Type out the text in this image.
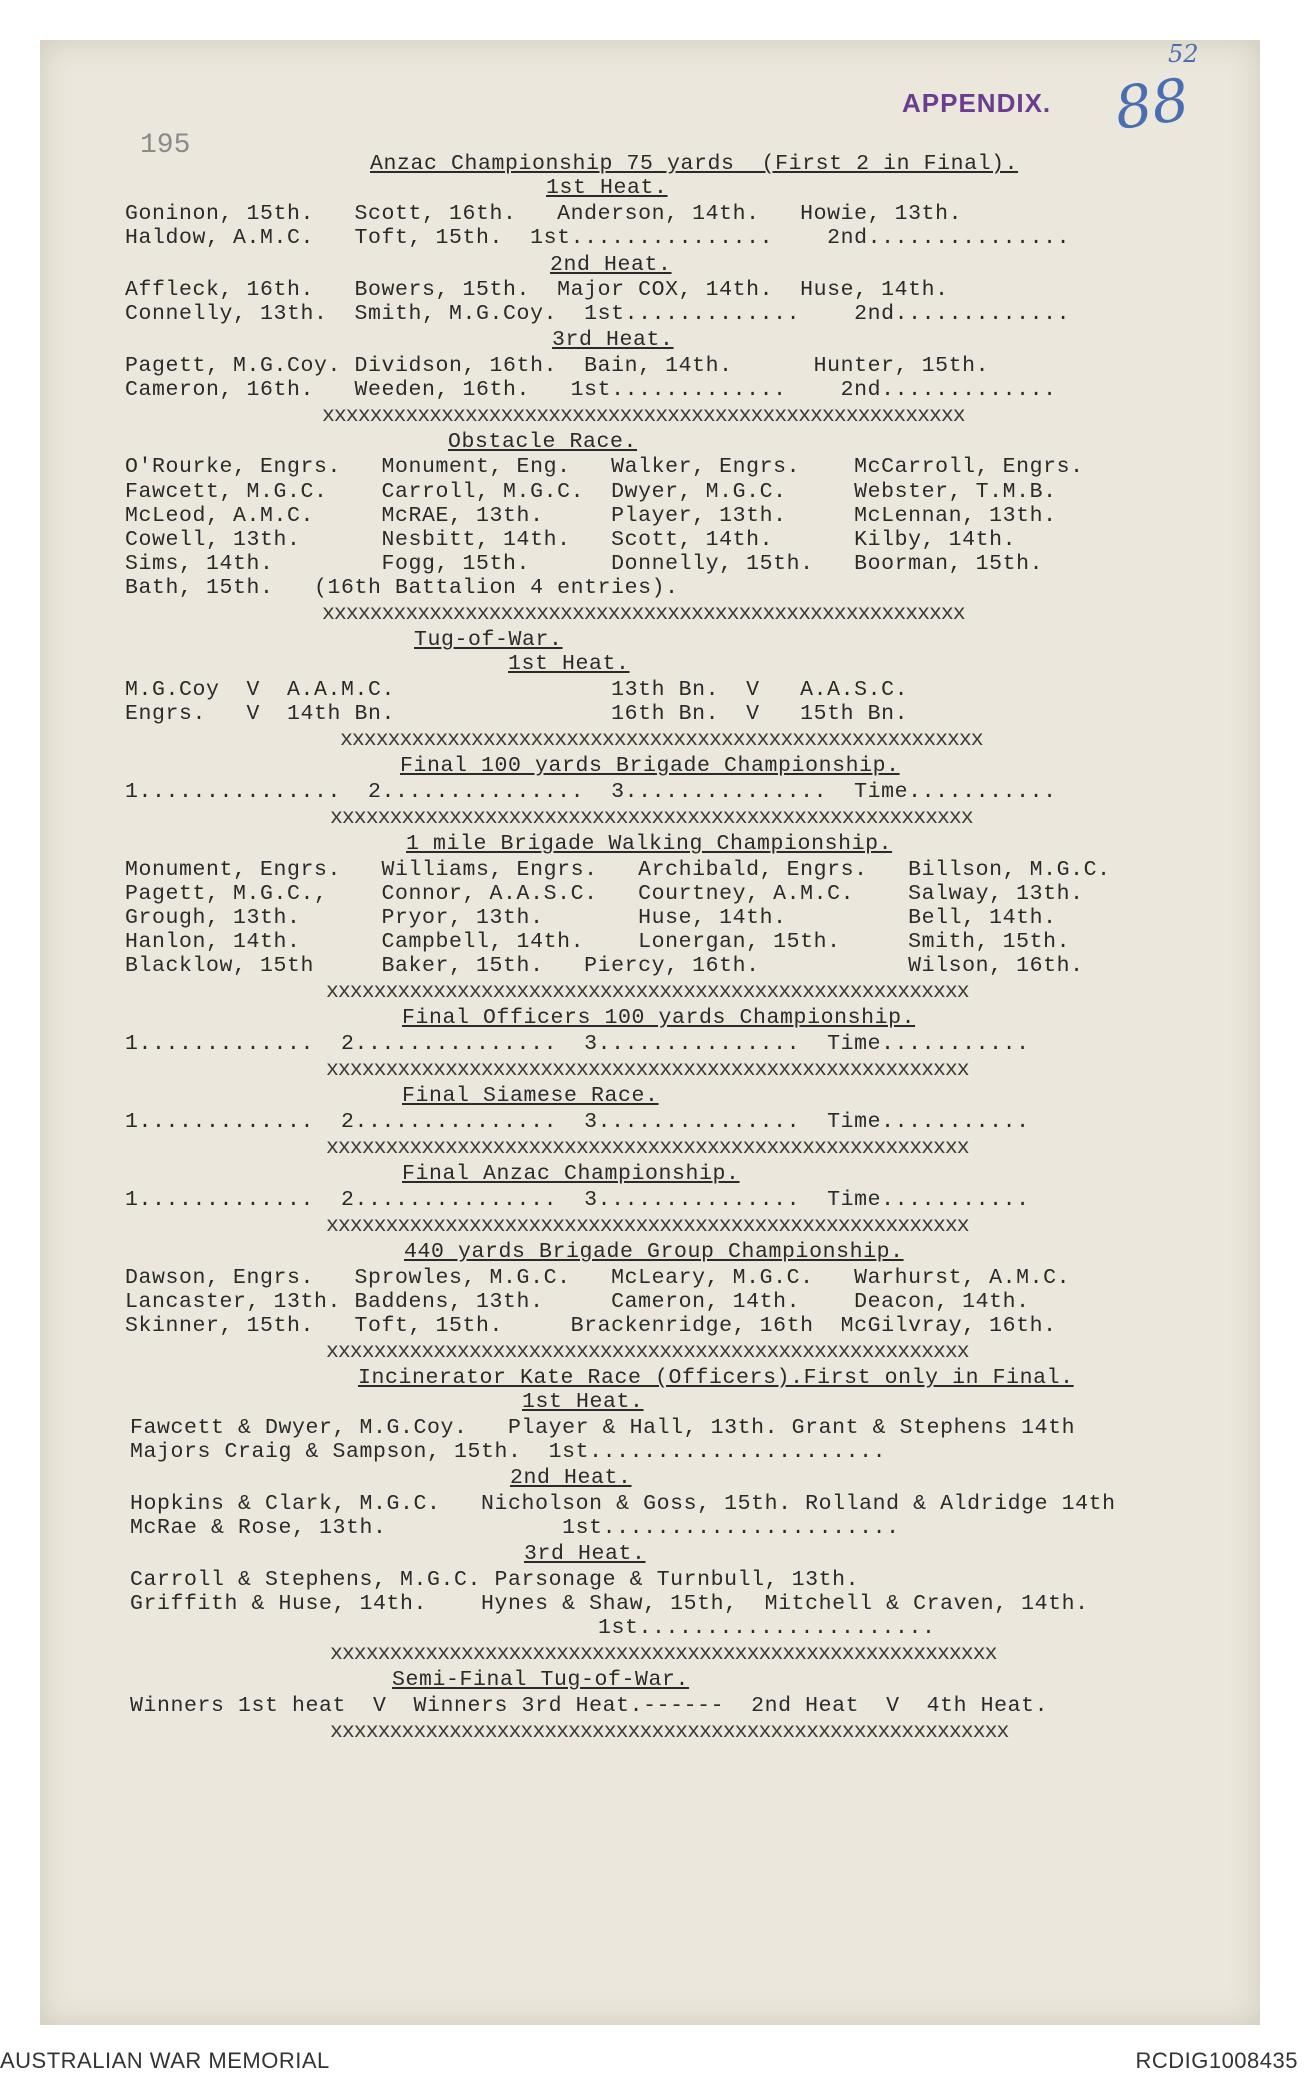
195
APPENDIX.
52
88
Anzac Championship 75 yards  (First 2 in Final).
1st Heat.
Goninon, 15th.   Scott, 16th.   Anderson, 14th.   Howie, 13th.
Haldow, A.M.C.   Toft, 15th.  1st...............    2nd...............
2nd Heat.
Affleck, 16th.   Bowers, 15th.  Major COX, 14th.  Huse, 14th.
Connelly, 13th.  Smith, M.G.Coy.  1st.............    2nd.............
3rd Heat.
Pagett, M.G.Coy. Dividson, 16th.  Bain, 14th.      Hunter, 15th.
Cameron, 16th.   Weeden, 16th.   1st.............    2nd.............
xxxxxxxxxxxxxxxxxxxxxxxxxxxxxxxxxxxxxxxxxxxxxxxxxxxxxx
Obstacle Race.
O'Rourke, Engrs.   Monument, Eng.   Walker, Engrs.    McCarroll, Engrs.
Fawcett, M.G.C.    Carroll, M.G.C.  Dwyer, M.G.C.     Webster, T.M.B.
McLeod, A.M.C.     McRAE, 13th.     Player, 13th.     McLennan, 13th.
Cowell, 13th.      Nesbitt, 14th.   Scott, 14th.      Kilby, 14th.
Sims, 14th.        Fogg, 15th.      Donnelly, 15th.   Boorman, 15th.
Bath, 15th.   (16th Battalion 4 entries).
xxxxxxxxxxxxxxxxxxxxxxxxxxxxxxxxxxxxxxxxxxxxxxxxxxxxxx
Tug-of-War.
1st Heat.
M.G.Coy  V  A.A.M.C.                13th Bn.  V   A.A.S.C.
Engrs.   V  14th Bn.                16th Bn.  V   15th Bn.
xxxxxxxxxxxxxxxxxxxxxxxxxxxxxxxxxxxxxxxxxxxxxxxxxxxxxx
Final 100 yards Brigade Championship.
1...............  2...............  3...............  Time...........
xxxxxxxxxxxxxxxxxxxxxxxxxxxxxxxxxxxxxxxxxxxxxxxxxxxxxx
1 mile Brigade Walking Championship.
Monument, Engrs.   Williams, Engrs.   Archibald, Engrs.   Billson, M.G.C.
Pagett, M.G.C.,    Connor, A.A.S.C.   Courtney, A.M.C.    Salway, 13th.
Grough, 13th.      Pryor, 13th.       Huse, 14th.         Bell, 14th.
Hanlon, 14th.      Campbell, 14th.    Lonergan, 15th.     Smith, 15th.
Blacklow, 15th     Baker, 15th.   Piercy, 16th.           Wilson, 16th.
xxxxxxxxxxxxxxxxxxxxxxxxxxxxxxxxxxxxxxxxxxxxxxxxxxxxxx
Final Officers 100 yards Championship.
1.............  2...............  3...............  Time...........
xxxxxxxxxxxxxxxxxxxxxxxxxxxxxxxxxxxxxxxxxxxxxxxxxxxxxx
Final Siamese Race.
1.............  2...............  3...............  Time...........
xxxxxxxxxxxxxxxxxxxxxxxxxxxxxxxxxxxxxxxxxxxxxxxxxxxxxx
Final Anzac Championship.
1.............  2...............  3...............  Time...........
xxxxxxxxxxxxxxxxxxxxxxxxxxxxxxxxxxxxxxxxxxxxxxxxxxxxxx
440 yards Brigade Group Championship.
Dawson, Engrs.   Sprowles, M.G.C.   McLeary, M.G.C.   Warhurst, A.M.C.
Lancaster, 13th. Baddens, 13th.     Cameron, 14th.    Deacon, 14th.
Skinner, 15th.   Toft, 15th.     Brackenridge, 16th  McGilvray, 16th.
xxxxxxxxxxxxxxxxxxxxxxxxxxxxxxxxxxxxxxxxxxxxxxxxxxxxxx
Incinerator Kate Race (Officers).First only in Final.
1st Heat.
Fawcett & Dwyer, M.G.Coy.   Player & Hall, 13th. Grant & Stephens 14th
Majors Craig & Sampson, 15th.  1st......................
2nd Heat.
Hopkins & Clark, M.G.C.   Nicholson & Goss, 15th. Rolland & Aldridge 14th
McRae & Rose, 13th.             1st......................
3rd Heat.
Carroll & Stephens, M.G.C. Parsonage & Turnbull, 13th.
Griffith & Huse, 14th.    Hynes & Shaw, 15th,  Mitchell & Craven, 14th.
1st......................
xxxxxxxxxxxxxxxxxxxxxxxxxxxxxxxxxxxxxxxxxxxxxxxxxxxxxxxx
Semi-Final Tug-of-War.
Winners 1st heat  V  Winners 3rd Heat.------  2nd Heat  V  4th Heat.
xxxxxxxxxxxxxxxxxxxxxxxxxxxxxxxxxxxxxxxxxxxxxxxxxxxxxxxxx
AUSTRALIAN WAR MEMORIAL	RCDIG1008435
